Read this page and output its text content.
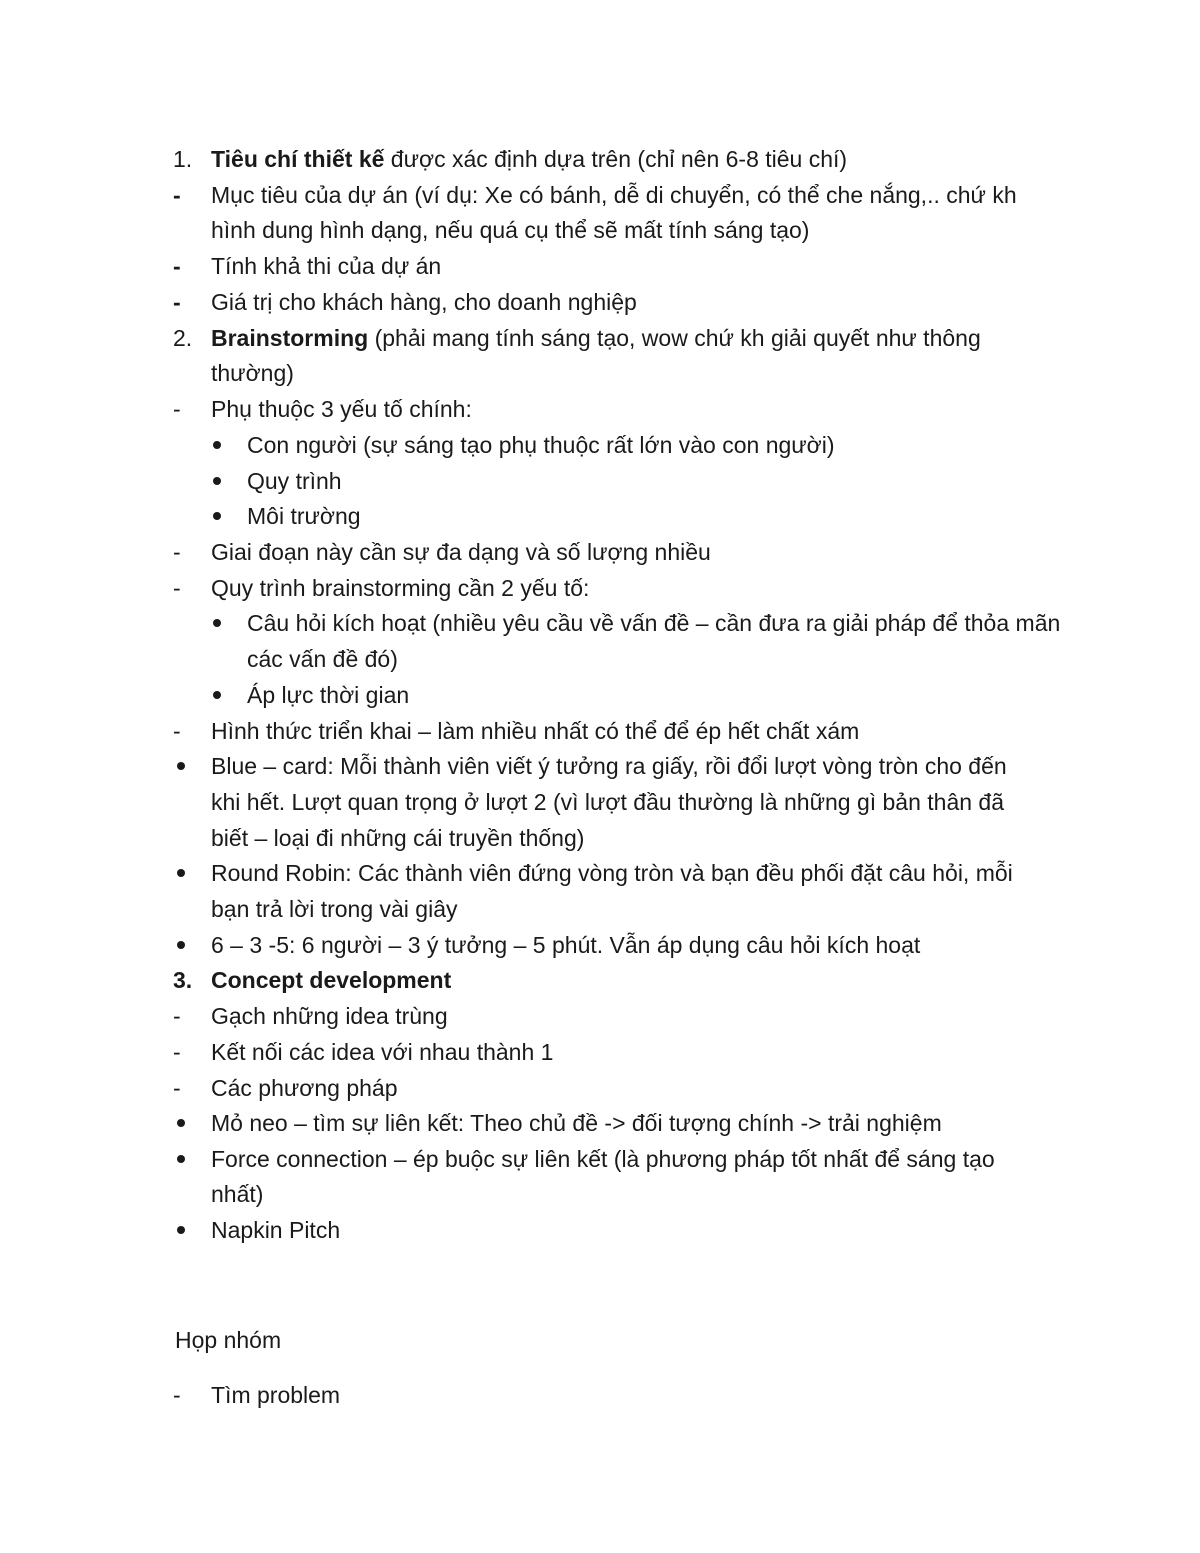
1. Tiêu chí thiết kế được xác định dựa trên (chỉ nên 6-8 tiêu chí)
- Mục tiêu của dự án (ví dụ: Xe có bánh, dễ di chuyển, có thể che nắng,.. chứ kh
hình dung hình dạng, nếu quá cụ thể sẽ mất tính sáng tạo)
- Tính khả thi của dự án
- Giá trị cho khách hàng, cho doanh nghiệp
2. Brainstorming (phải mang tính sáng tạo, wow chứ kh giải quyết như thông
thường)
- Phụ thuộc 3 yếu tố chính:
Con người (sự sáng tạo phụ thuộc rất lớn vào con người)
Quy trình
Môi trường
- Giai đoạn này cần sự đa dạng và số lượng nhiều
- Quy trình brainstorming cần 2 yếu tố:
Câu hỏi kích hoạt (nhiều yêu cầu về vấn đề – cần đưa ra giải pháp để thỏa mãn
các vấn đề đó)
Áp lực thời gian
- Hình thức triển khai – làm nhiều nhất có thể để ép hết chất xám
Blue – card: Mỗi thành viên viết ý tưởng ra giấy, rồi đổi lượt vòng tròn cho đến
khi hết. Lượt quan trọng ở lượt 2 (vì lượt đầu thường là những gì bản thân đã
biết – loại đi những cái truyền thống)
Round Robin: Các thành viên đứng vòng tròn và bạn đều phối đặt câu hỏi, mỗi
bạn trả lời trong vài giây
6 – 3 -5: 6 người – 3 ý tưởng – 5 phút. Vẫn áp dụng câu hỏi kích hoạt
3. Concept development
- Gạch những idea trùng
- Kết nối các idea với nhau thành 1
- Các phương pháp
Mỏ neo – tìm sự liên kết: Theo chủ đề -> đối tượng chính -> trải nghiệm
Force connection – ép buộc sự liên kết (là phương pháp tốt nhất để sáng tạo
nhất)
Napkin Pitch
Họp nhóm
- Tìm problem
